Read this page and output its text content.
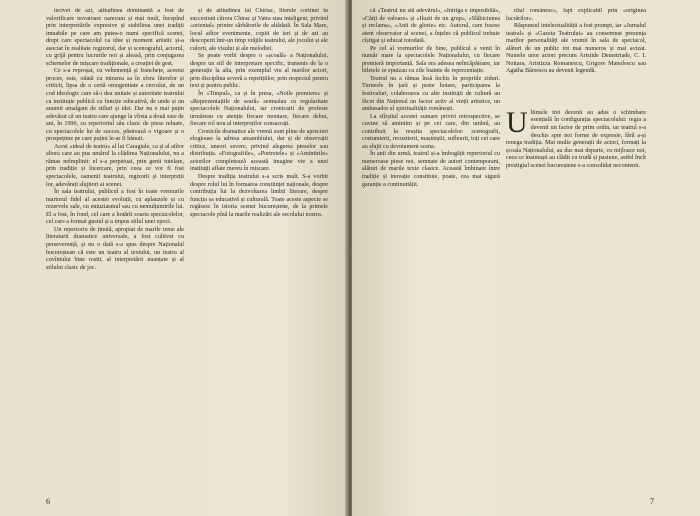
tecivei de azi, atitudinea dominantă a fost de valorificare novatoare oarecum și mai mult, începînd prin interpretările expresive și stabilirea unei tradiții imuabile pe care am putea-o numi specifică scenei, drept care spectacolul ca idee și moment artistic și-a asociat în realitate regizorul, dar și scenograful, actorul, cu grijă pentru lucrurile noi și aleasă, prin conjugarea schemelor de mișcare tradiționale, a creației de gest.

Ce s-a reproșat, cu vehemență și franchețe, acestui proces, este, odată cu intrarea sa în sfera literelor și criticii, lipsa de o certă omogenitate a cercului, de un cod ideologic care să-i dea unitate și autoritate teatrului ca instituție publică cu funcție educativă, de unde și un anumit amalgam de stiluri și idei. Dar nu e mai puțin adevărat că un teatru care ajunge la vîrsta a două sute de ani, în 1990, cu repertoriul său clasic de piese reluate, cu spectacolele lui de succes, păstrează o vigoare și o prospețime pe care puțini le-ar fi bănuit.

Acest «ideal de teatru» al lui Caragiale, ca și al atîtor altora care au pus umărul la clădirea Naționalului, nu a rămas neîmplinit: el s-a perpetuat, prin genii tutelare, prin tradiție și încercare, prin ceea ce vor fi fost spectacolele, oamenii teatrului, regizorii și interpreții lor, adevărați slujitori ai scenei.

În sala teatrului, publicul a fost în toate vremurile martorul fidel al acestei evoluții, cu aplauzele și cu rezervele sale, cu entuziasmul sau cu nemulțumirile lui. El a fost, în fond, cel care a hotărît soarta spectacolelor, cel care a format gustul și a impus stilul unei epoci.

Un repertoriu de ținută, apropiat de marile teme ale literaturii dramatice universale, a fost cultivat cu perseverență, și nu o dată s-a spus despre Naționalul bucureștean că este un teatru al textului, un teatru al cuvîntului bine rostit, al interpretării nuanțate și al stilului clasic de joc.

și de atitudinea lui Chiriac, literele cortinei în succesiuni cărora Chirac și Vatra stau inteligent, privind «oriental» printre sărbătorile de altădată. În Sala Mare, locul atîtor evenimente, copiii de ieri și de azi au descoperit într-un timp vrăjile teatrului, ale jocului și ale culorii, ale visului și ale melodiei.

Se poate vorbi despre o «școală» a Naționalului, despre un stil de interpretare specific, transmis de la o generație la alta, prin exemplul viu al marilor actori, prin disciplina severă a repetițiilor, prin respectul pentru text și pentru public.

În «Timpul», ca și în presa, «Noile premiere» și «Reprezentațiile de seară» semnalau cu regularitate spectacolele Naționalului, iar cronicarii de profesie urmăreau cu atenție fiecare montare, fiecare debut, fiecare rol nou al interpreților consacrați.

Cronicile dramatice ale vremii sunt pline de aprecieri elogioase la adresa ansamblului, dar și de observații critice, uneori severe, privind alegerea pieselor sau distribuția. «Fotografiile», «Portretele» și «Amintirile» actorilor completează această imagine vie a unei instituții aflate mereu în mișcare.

Despre tradiția teatrului s-a scris mult. S-a vorbit despre rolul lui în formarea conștiinței naționale, despre contribuția lui la dezvoltarea limbii literare, despre funcția sa educativă și culturală. Toate aceste aspecte se regăsesc în istoria scenei bucureștene, de la primele spectacole pînă la marile realizări ale secolului nostru.

6

că «Teatrul nu stă adevărul», «Intriga e imposibilă», «Cărți de valoare» și «Iluzii de un grup», «Slăbiciunea și reclama», «Anii de glorie» etc. Autorul, care fusese atent observator al scenei, a înțeles că publicul trebuie cîștigat și educat totodată.

Pe cel al vremurilor de bine, publicul a venit în număr mare la spectacolele Naționalului, cu fiecare premieră importantă. Sala era adesea neîncăpătoare, iar biletele se epuizau cu zile înainte de reprezentație.

Teatrul nu a rămas însă închis în propriile ziduri. Turneele în țară și peste hotare, participarea la festivaluri, colaborarea cu alte instituții de cultură au făcut din Național un factor activ al vieții artistice, un ambasador al spiritualității românești.

La sfîrșitul acestei sumare priviri retrospective, se cuvine să amintim și pe cei care, din umbră, au contribuit la reușita spectacolelor: scenografii, costumierii, recuziterii, mașiniștii, sufleurii, toți cei care au slujit cu devotament scena.

În anii din urmă, teatrul și-a îmbogățit repertoriul cu numeroase piese noi, semnate de autori contemporani, alături de marile texte clasice. Această îmbinare între tradiție și inovație constituie, poate, cea mai sigură garanție a continuității.

ritul românesc», fapt explicabil prin «originea lucrărilor».

Răspunsul intelectualității a fost prompt, iar «Jurnalul teatral» și «Gazeta Teatrului» au consemnat prezența marilor personalități ale vremii în sala de spectacol, alături de un public tot mai numeros și mai avizat. Numele unor actori precum Aristide Demetriade, C. I. Nottara, Aristizza Romanescu, Grigore Manolescu sau Agatha Bârsescu au devenit legendă.

Ultimele trei decenii au adus o schimbare esențială în configurația spectacolului: regia a devenit un factor de prim ordin, iar teatrul s-a deschis spre noi forme de expresie, fără a-și renega tradiția. Mai multe generații de actori, formați la școala Naționalului, au dus mai departe, cu mijloace noi, ceea ce înaintașii au clădit cu trudă și pasiune, astfel încît prestigiul scenei bucureștene s-a consolidat necontenit.

7
